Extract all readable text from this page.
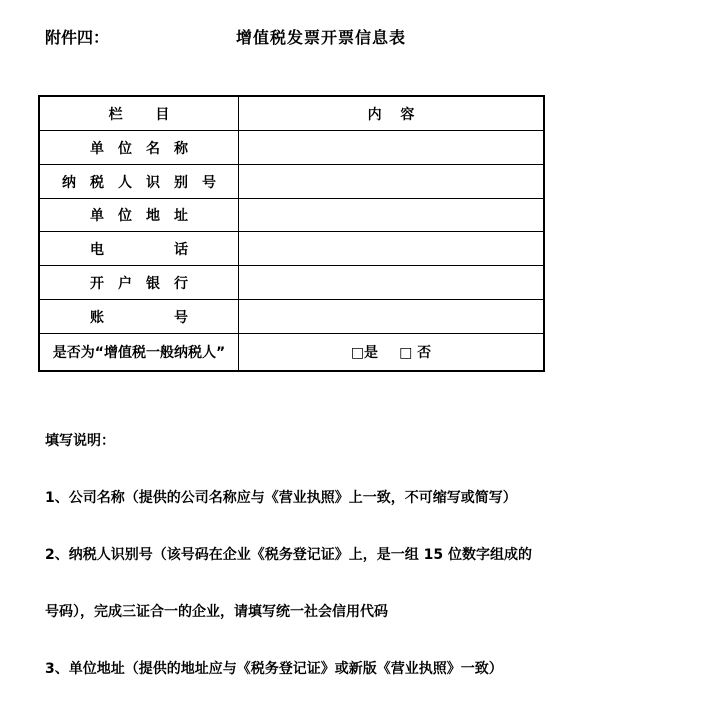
附件四：	增值税发票开票信息表
栏　　 目	内　 容
单　位　名　称
纳　税　人　识　别　号
单　位　地　址
电　　　　　话
开　户　银　行
账　　　　　号
是否为“增值税一般纳税人”	□是 □ 否

填写说明：

1、公司名称（提供的公司名称应与《营业执照》上一致，不可缩写或简写）

2、纳税人识别号（该号码在企业《税务登记证》上，是一组 15 位数字组成的

号码），完成三证合一的企业，请填写统一社会信用代码

3、单位地址（提供的地址应与《税务登记证》或新版《营业执照》一致）
